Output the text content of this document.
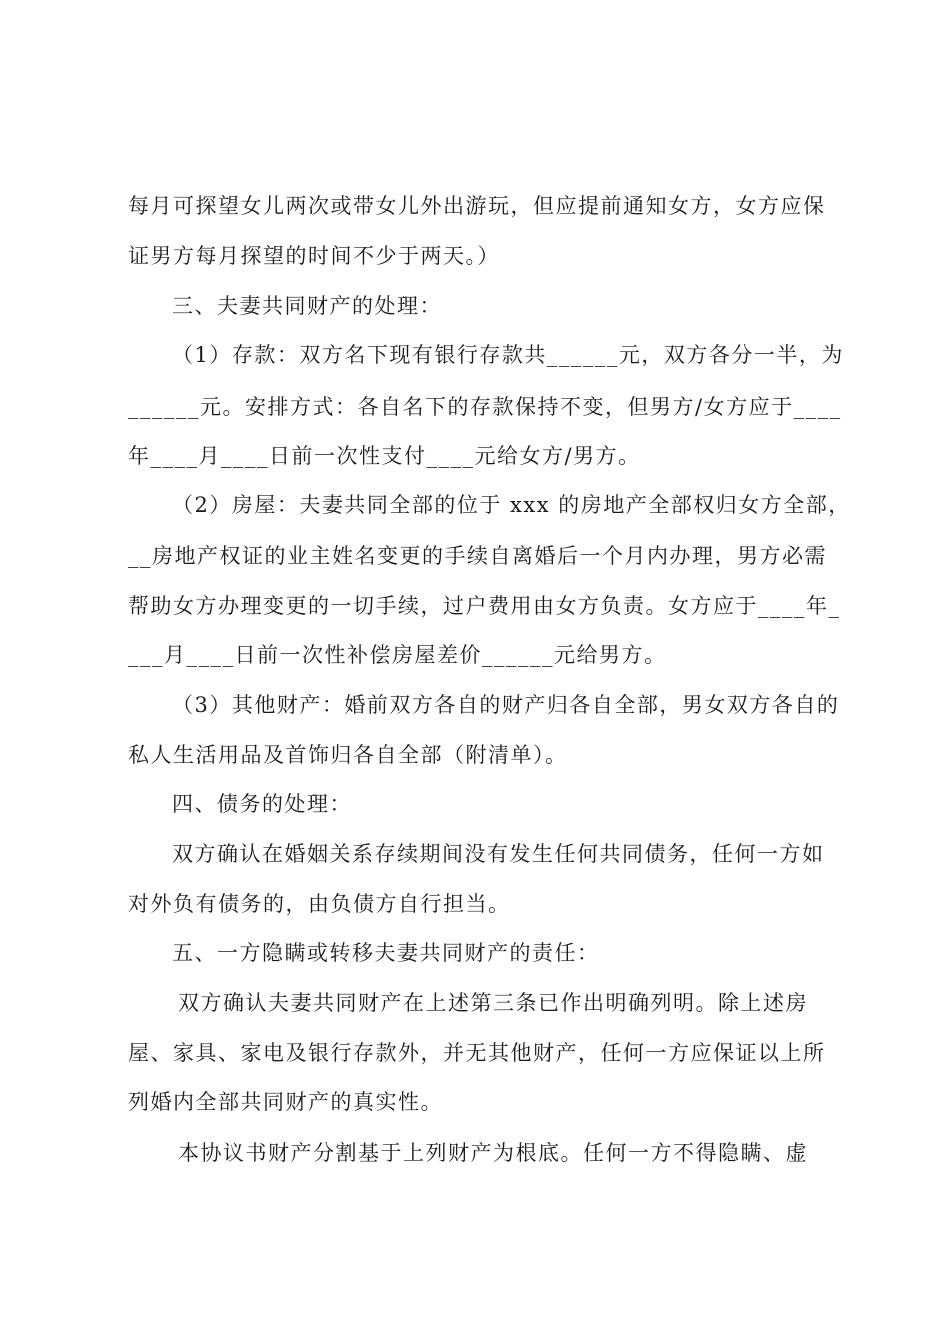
每月可探望女儿两次或带女儿外出游玩，但应提前通知女方，女方应保
证男方每月探望的时间不少于两天。）
三、夫妻共同财产的处理：
（1）存款：双方名下现有银行存款共______元，双方各分一半，为
______元。安排方式：各自名下的存款保持不变，但男方/女方应于____
年____月____日前一次性支付____元给女方/男方。
（2）房屋：夫妻共同全部的位于 xxx 的房地产全部权归女方全部，
__房地产权证的业主姓名变更的手续自离婚后一个月内办理，男方必需
帮助女方办理变更的一切手续，过户费用由女方负责。女方应于____年_
___月____日前一次性补偿房屋差价______元给男方。
（3）其他财产：婚前双方各自的财产归各自全部，男女双方各自的
私人生活用品及首饰归各自全部（附清单）。
四、债务的处理：
双方确认在婚姻关系存续期间没有发生任何共同债务，任何一方如
对外负有债务的，由负债方自行担当。
五、一方隐瞒或转移夫妻共同财产的责任：
双方确认夫妻共同财产在上述第三条已作出明确列明。除上述房
屋、家具、家电及银行存款外，并无其他财产，任何一方应保证以上所
列婚内全部共同财产的真实性。
本协议书财产分割基于上列财产为根底。任何一方不得隐瞒、虚
